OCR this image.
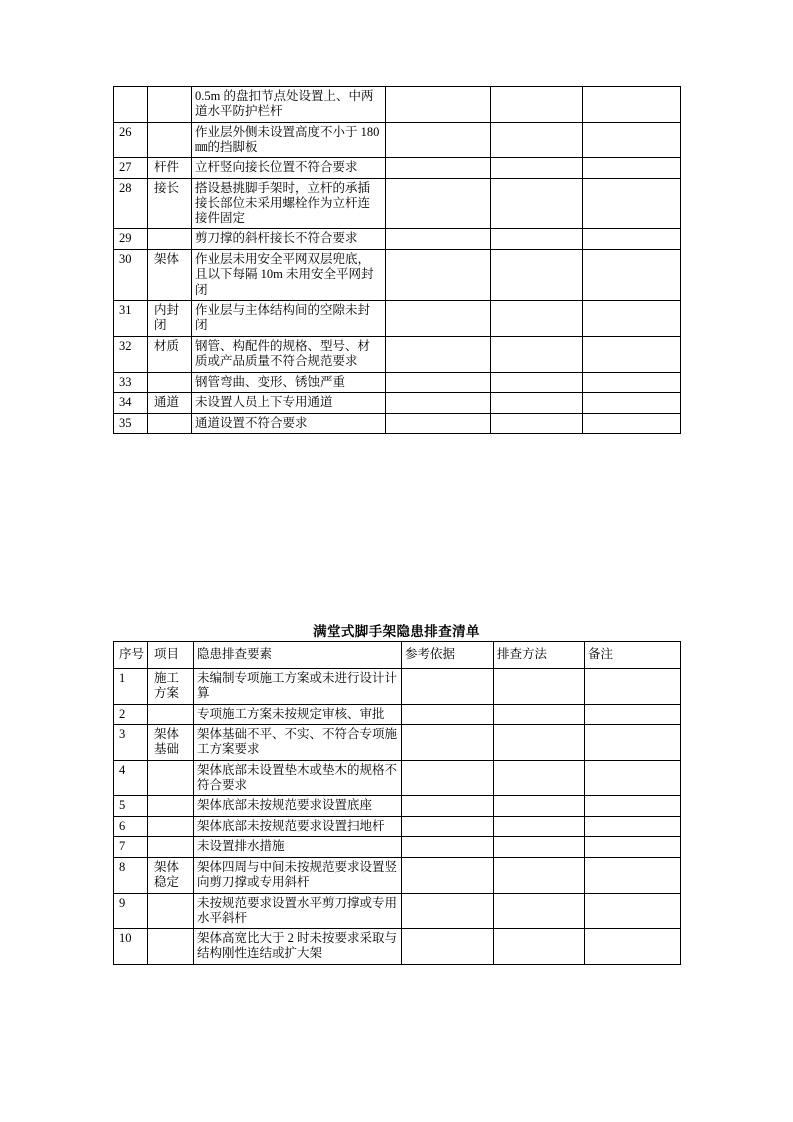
		0.5m 的盘扣节点处设置上、中两道水平防护栏杆			
26		作业层外侧未设置高度不小于 180 ㎜的挡脚板			
27	杆件	立杆竖向接长位置不符合要求			
28	接长	搭设悬挑脚手架时，立杆的承插接长部位未采用螺栓作为立杆连接件固定			
29		剪刀撑的斜杆接长不符合要求			
30	架体	作业层未用安全平网双层兜底，且以下每隔 10m 未用安全平网封闭			
31	内封闭	作业层与主体结构间的空隙未封闭			
32	材质	钢管、构配件的规格、型号、材质或产品质量不符合规范要求			
33		钢管弯曲、变形、锈蚀严重			
34	通道	未设置人员上下专用通道			
35		通道设置不符合要求			
满堂式脚手架隐患排查清单
序号	项目	隐患排查要素	参考依据	排查方法	备注
1	施工方案	未编制专项施工方案或未进行设计计算			
2		专项施工方案未按规定审核、审批			
3	架体基础	架体基础不平、不实、不符合专项施工方案要求			
4		架体底部未设置垫木或垫木的规格不符合要求			
5		架体底部未按规范要求设置底座			
6		架体底部未按规范要求设置扫地杆			
7		未设置排水措施			
8	架体稳定	架体四周与中间未按规范要求设置竖向剪刀撑或专用斜杆			
9		未按规范要求设置水平剪刀撑或专用水平斜杆			
10		架体高宽比大于 2 时未按要求采取与结构刚性连结或扩大架			
